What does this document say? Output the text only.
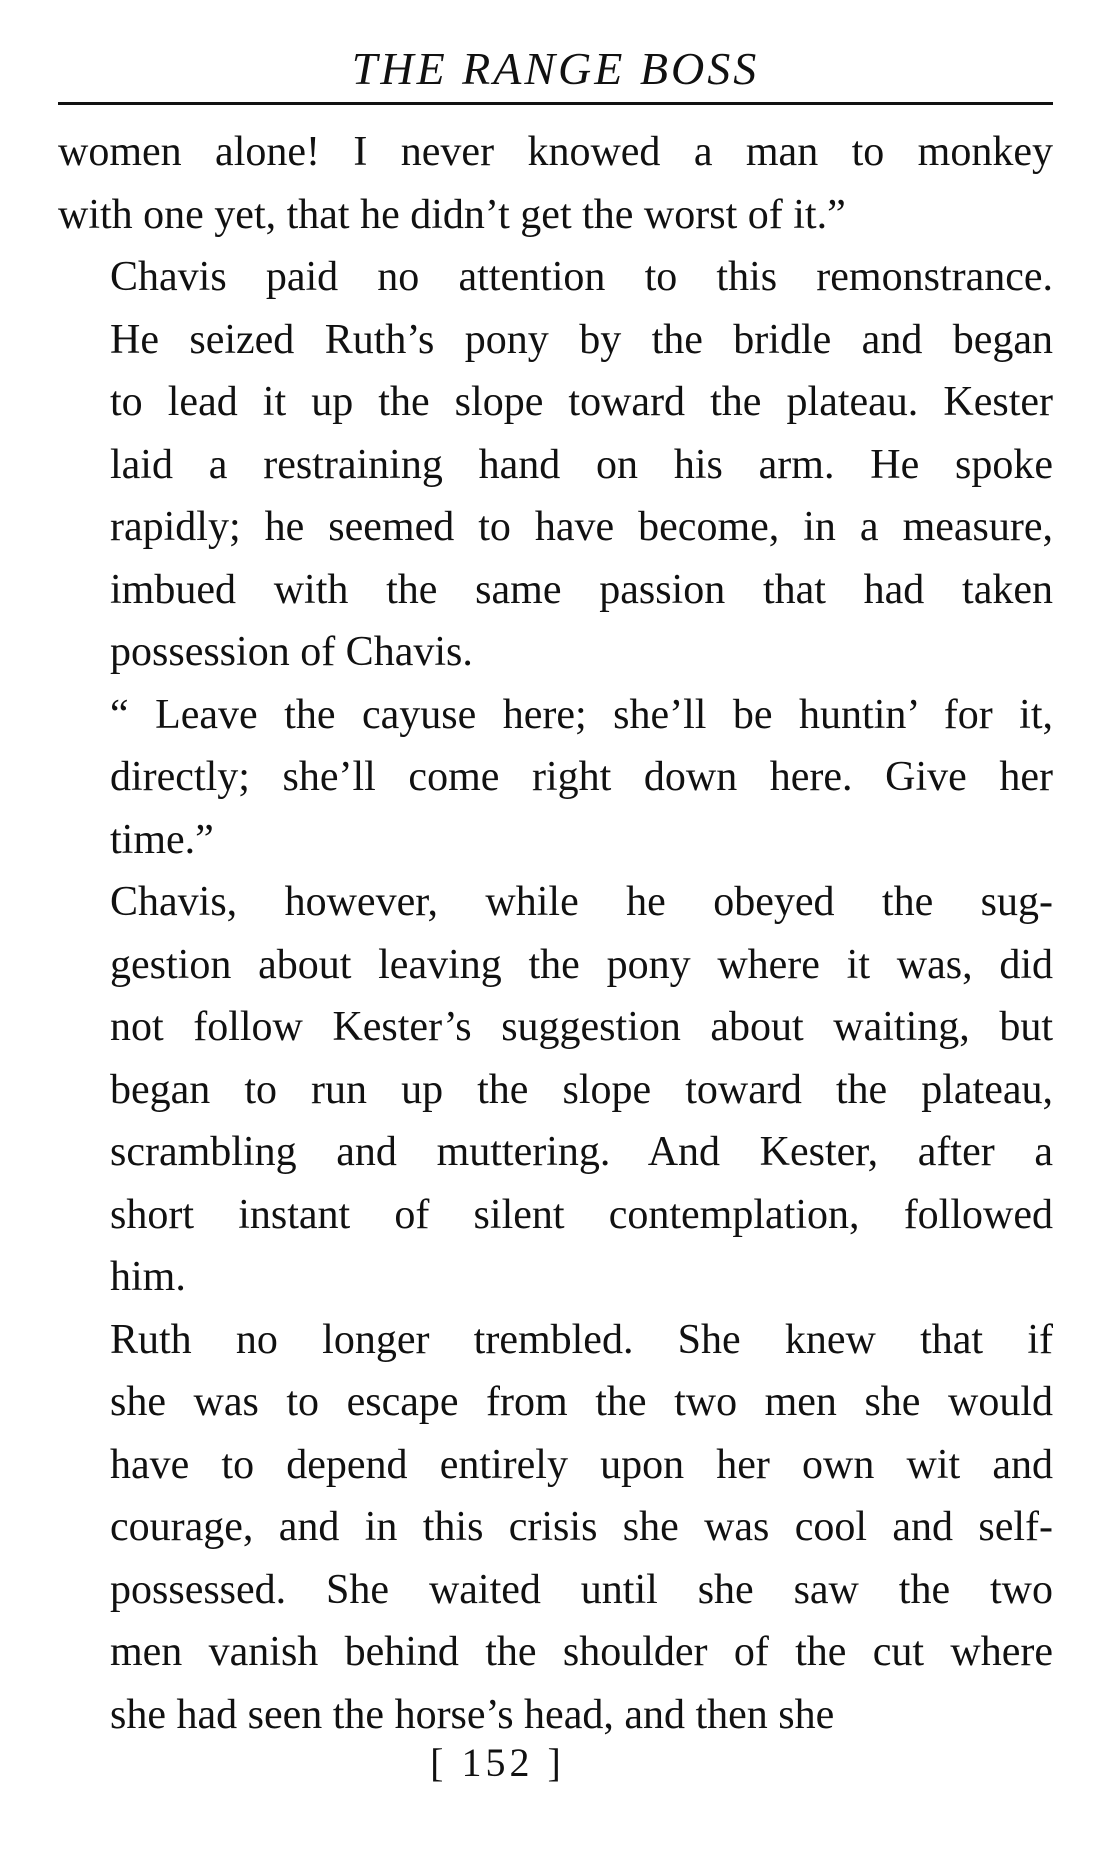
THE RANGE BOSS

women alone! I never knowed a man to monkey
with one yet, that he didn’t get the worst of it.”

Chavis paid no attention to this remonstrance.
He seized Ruth’s pony by the bridle and began
to lead it up the slope toward the plateau. Kester
laid a restraining hand on his arm. He spoke
rapidly; he seemed to have become, in a measure,
imbued with the same passion that had taken
possession of Chavis.

“ Leave the cayuse here; she’ll be huntin’ for it,
directly; she’ll come right down here. Give her
time.”

Chavis, however, while he obeyed the sug-
gestion about leaving the pony where it was, did
not follow Kester’s suggestion about waiting, but
began to run up the slope toward the plateau,
scrambling and muttering. And Kester, after a
short instant of silent contemplation, followed
him.

Ruth no longer trembled. She knew that if
she was to escape from the two men she would
have to depend entirely upon her own wit and
courage, and in this crisis she was cool and self-
possessed. She waited until she saw the two
men vanish behind the shoulder of the cut where
she had seen the horse’s head, and then she

[ 152 ]
